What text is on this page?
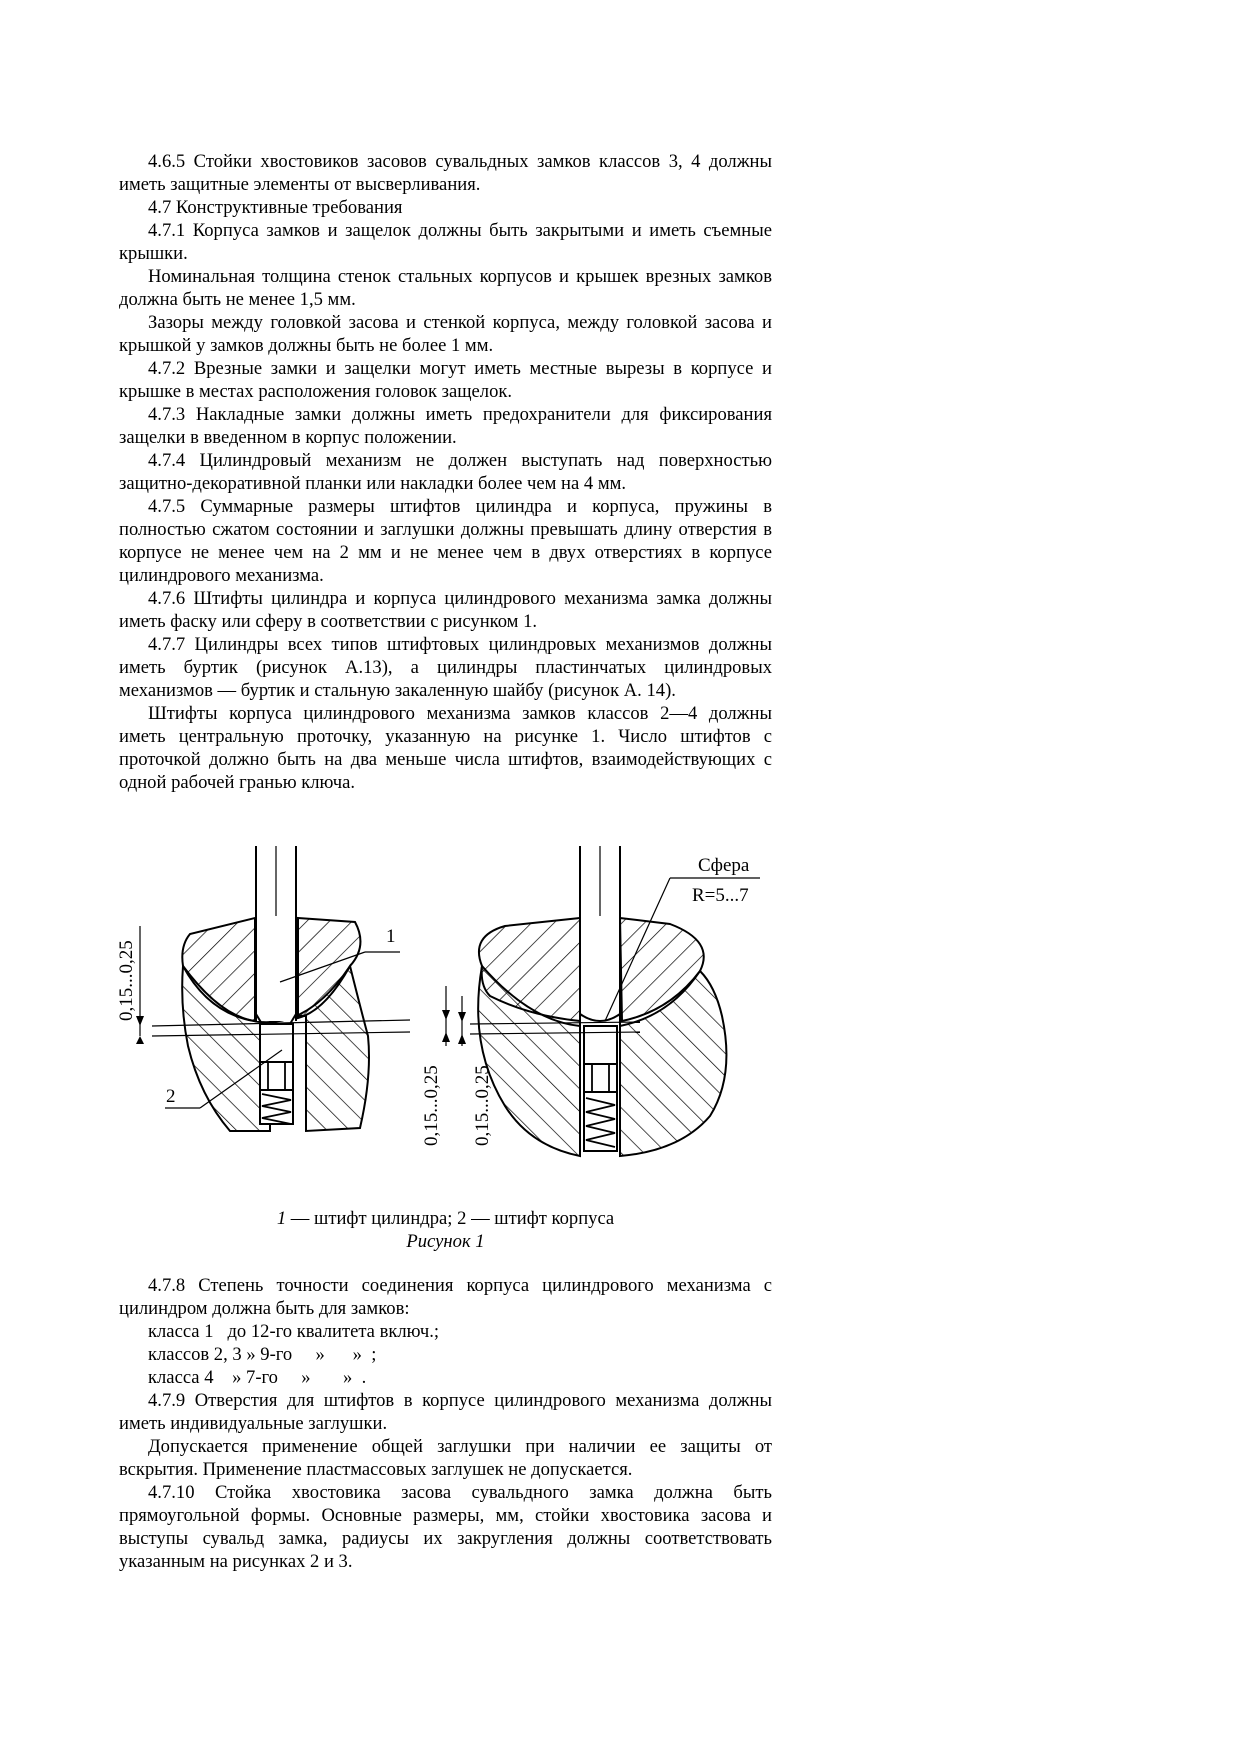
4.6.5 Стойки хвостовиков засовов сувальдных замков классов 3, 4 должны иметь защитные элементы от высверливания.

4.7 Конструктивные требования

4.7.1 Корпуса замков и защелок должны быть закрытыми и иметь съемные крышки.

Номинальная толщина стенок стальных корпусов и крышек врезных замков должна быть не менее 1,5 мм.

Зазоры между головкой засова и стенкой корпуса, между головкой засова и крышкой у замков должны быть не более 1 мм.

4.7.2 Врезные замки и защелки могут иметь местные вырезы в корпусе и крышке в местах расположения головок защелок.

4.7.3 Накладные замки должны иметь предохранители для фиксирования защелки в введенном в корпус положении.

4.7.4 Цилиндровый механизм не должен выступать над поверхностью защитно-декоративной планки или накладки более чем на 4 мм.

4.7.5 Суммарные размеры штифтов цилиндра и корпуса, пружины в полностью сжатом состоянии и заглушки должны превышать длину отверстия в корпусе не менее чем на 2 мм и не менее чем в двух отверстиях в корпусе цилиндрового механизма.

4.7.6 Штифты цилиндра и корпуса цилиндрового механизма замка должны иметь фаску или сферу в соответствии с рисунком 1.

4.7.7 Цилиндры всех типов штифтовых цилиндровых механизмов должны иметь буртик (рисунок А.13), а цилиндры пластинчатых цилиндровых механизмов — буртик и стальную закаленную шайбу (рисунок А. 14).

Штифты корпуса цилиндрового механизма замков классов 2—4 должны иметь центральную проточку, указанную на рисунке 1. Число штифтов с проточкой должно быть на два меньше числа штифтов, взаимодействующих с одной рабочей гранью ключа.

0,15...0,25
1
2	0,15...0,25 0,15...0,25
Сфера
R=5...7
1 — штифт цилиндра; 2 — штифт корпуса
Рисунок 1

4.7.8 Степень точности соединения корпуса цилиндрового механизма с цилиндром должна быть для замков:

класса 1   до 12-го квалитета включ.;

классов 2, 3 » 9-го     »      »  ;

класса 4    » 7-го     »       »  .

4.7.9 Отверстия для штифтов в корпусе цилиндрового механизма должны иметь индивидуальные заглушки.

Допускается применение общей заглушки при наличии ее защиты от вскрытия. Применение пластмассовых заглушек не допускается.

4.7.10 Стойка хвостовика засова сувальдного замка должна быть прямоугольной формы. Основные размеры, мм, стойки хвостовика засова и выступы сувальд замка, радиусы их закругления должны соответствовать указанным на рисунках 2 и 3.
